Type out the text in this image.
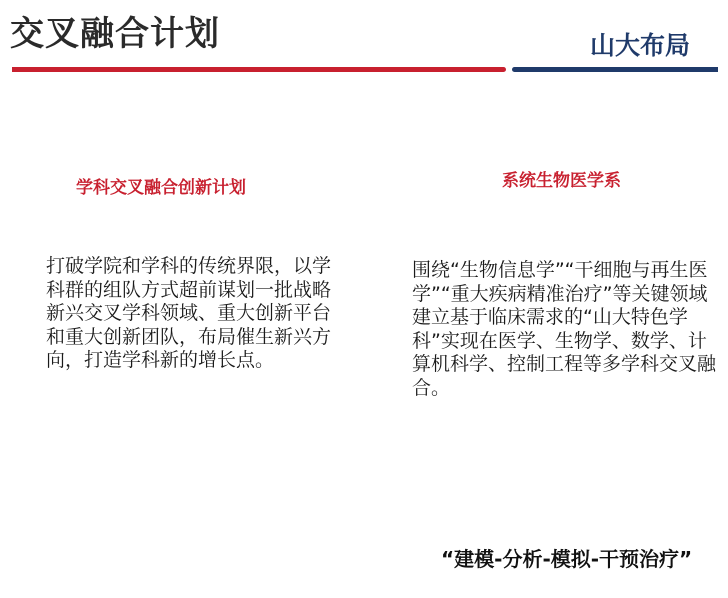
交叉融合计划	山大布局
学科交叉融合创新计划

打破学院和学科的传统界限，以学科群的组队方式超前谋划一批战略新兴交叉学科领域、重大创新平台和重大创新团队，布局催生新兴方向，打造学科新的增长点。

系统生物医学系

围绕“生物信息学”“干细胞与再生医学”“重大疾病精准治疗”等关键领域建立基于临床需求的“山大特色学科”实现在医学、生物学、数学、计算机科学、控制工程等多学科交叉融合。

“建模-分析-模拟-干预治疗”
